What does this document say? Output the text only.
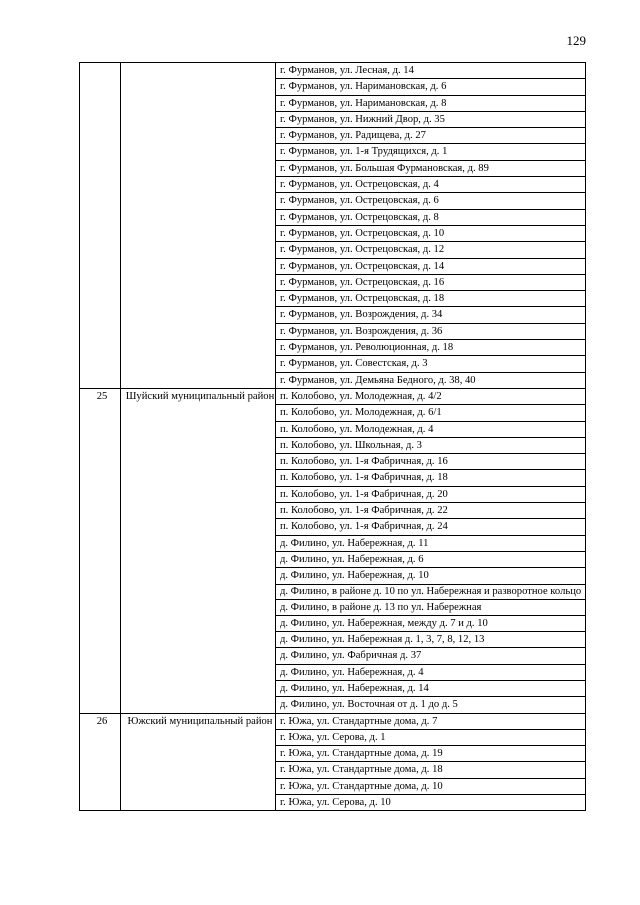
129
		г. Фурманов, ул. Лесная, д. 14
		г. Фурманов, ул. Наримановская, д. 6
		г. Фурманов, ул. Наримановская, д. 8
		г. Фурманов, ул. Нижний Двор, д. 35
		г. Фурманов, ул. Радищева, д. 27
		г. Фурманов, ул. 1-я Трудящихся, д. 1
		г. Фурманов, ул. Большая Фурмановская, д. 89
		г. Фурманов, ул. Острецовская, д. 4
		г. Фурманов, ул. Острецовская, д. 6
		г. Фурманов, ул. Острецовская, д. 8
		г. Фурманов, ул. Острецовская, д. 10
		г. Фурманов, ул. Острецовская, д. 12
		г. Фурманов, ул. Острецовская, д. 14
		г. Фурманов, ул. Острецовская, д. 16
		г. Фурманов, ул. Острецовская, д. 18
		г. Фурманов, ул. Возрождения, д. 34
		г. Фурманов, ул. Возрождения, д. 36
		г. Фурманов, ул. Революционная, д. 18
		г. Фурманов, ул. Совестская, д. 3
		г. Фурманов, ул. Демьяна Бедного, д. 38, 40
25	Шуйский муниципальный район	п. Колобово, ул. Молодежная, д. 4/2
		п. Колобово, ул. Молодежная, д. 6/1
		п. Колобово, ул. Молодежная, д. 4
		п. Колобово, ул. Школьная, д. 3
		п. Колобово, ул. 1-я Фабричная, д. 16
		п. Колобово, ул. 1-я Фабричная, д. 18
		п. Колобово, ул. 1-я Фабричная, д. 20
		п. Колобово, ул. 1-я Фабричная, д. 22
		п. Колобово, ул. 1-я Фабричная, д. 24
		д. Филино, ул. Набережная, д. 11
		д. Филино, ул. Набережная, д. 6
		д. Филино, ул. Набережная, д. 10
		д. Филино, в районе д. 10 по ул. Набережная и разворотное кольцо
		д. Филино, в районе д. 13 по ул. Набережная
		д. Филино, ул. Набережная, между д. 7 и д. 10
		д. Филино, ул. Набережная д. 1, 3, 7, 8, 12, 13
		д. Филино, ул. Фабричная д. 37
		д. Филино, ул. Набережная, д. 4
		д. Филино, ул. Набережная, д. 14
		д. Филино, ул. Восточная от д. 1 до д. 5
26	Южский муниципальный район	г. Южа, ул. Стандартные дома, д. 7
		г. Южа, ул. Серова, д. 1
		г. Южа, ул. Стандартные дома, д. 19
		г. Южа, ул. Стандартные дома, д. 18
		г. Южа, ул. Стандартные дома, д. 10
		г. Южа, ул. Серова, д. 10
